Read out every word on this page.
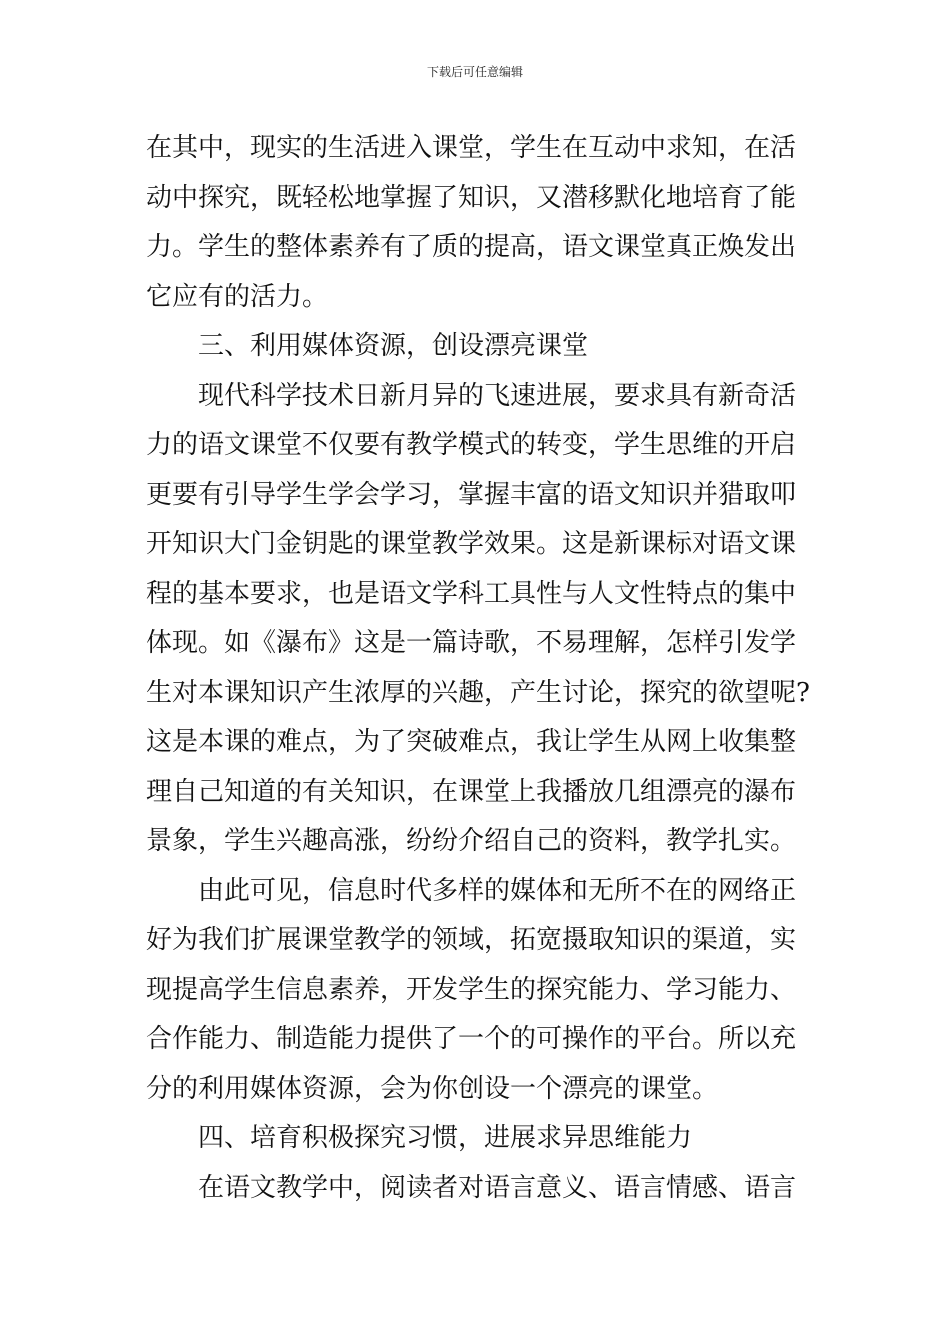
下载后可任意编辑
在其中，现实的生活进入课堂，学生在互动中求知，在活
动中探究，既轻松地掌握了知识，又潜移默化地培育了能
力。学生的整体素养有了质的提高，语文课堂真正焕发出
它应有的活力。
三、利用媒体资源，创设漂亮课堂
现代科学技术日新月异的飞速进展，要求具有新奇活
力的语文课堂不仅要有教学模式的转变，学生思维的开启
更要有引导学生学会学习，掌握丰富的语文知识并猎取叩
开知识大门金钥匙的课堂教学效果。这是新课标对语文课
程的基本要求，也是语文学科工具性与人文性特点的集中
体现。如《瀑布》这是一篇诗歌，不易理解，怎样引发学
生对本课知识产生浓厚的兴趣，产生讨论，探究的欲望呢?
这是本课的难点，为了突破难点，我让学生从网上收集整
理自己知道的有关知识，在课堂上我播放几组漂亮的瀑布
景象，学生兴趣高涨，纷纷介绍自己的资料，教学扎实。
由此可见，信息时代多样的媒体和无所不在的网络正
好为我们扩展课堂教学的领域，拓宽摄取知识的渠道，实
现提高学生信息素养，开发学生的探究能力、学习能力、
合作能力、制造能力提供了一个的可操作的平台。所以充
分的利用媒体资源，会为你创设一个漂亮的课堂。
四、培育积极探究习惯，进展求异思维能力
在语文教学中，阅读者对语言意义、语言情感、语言
